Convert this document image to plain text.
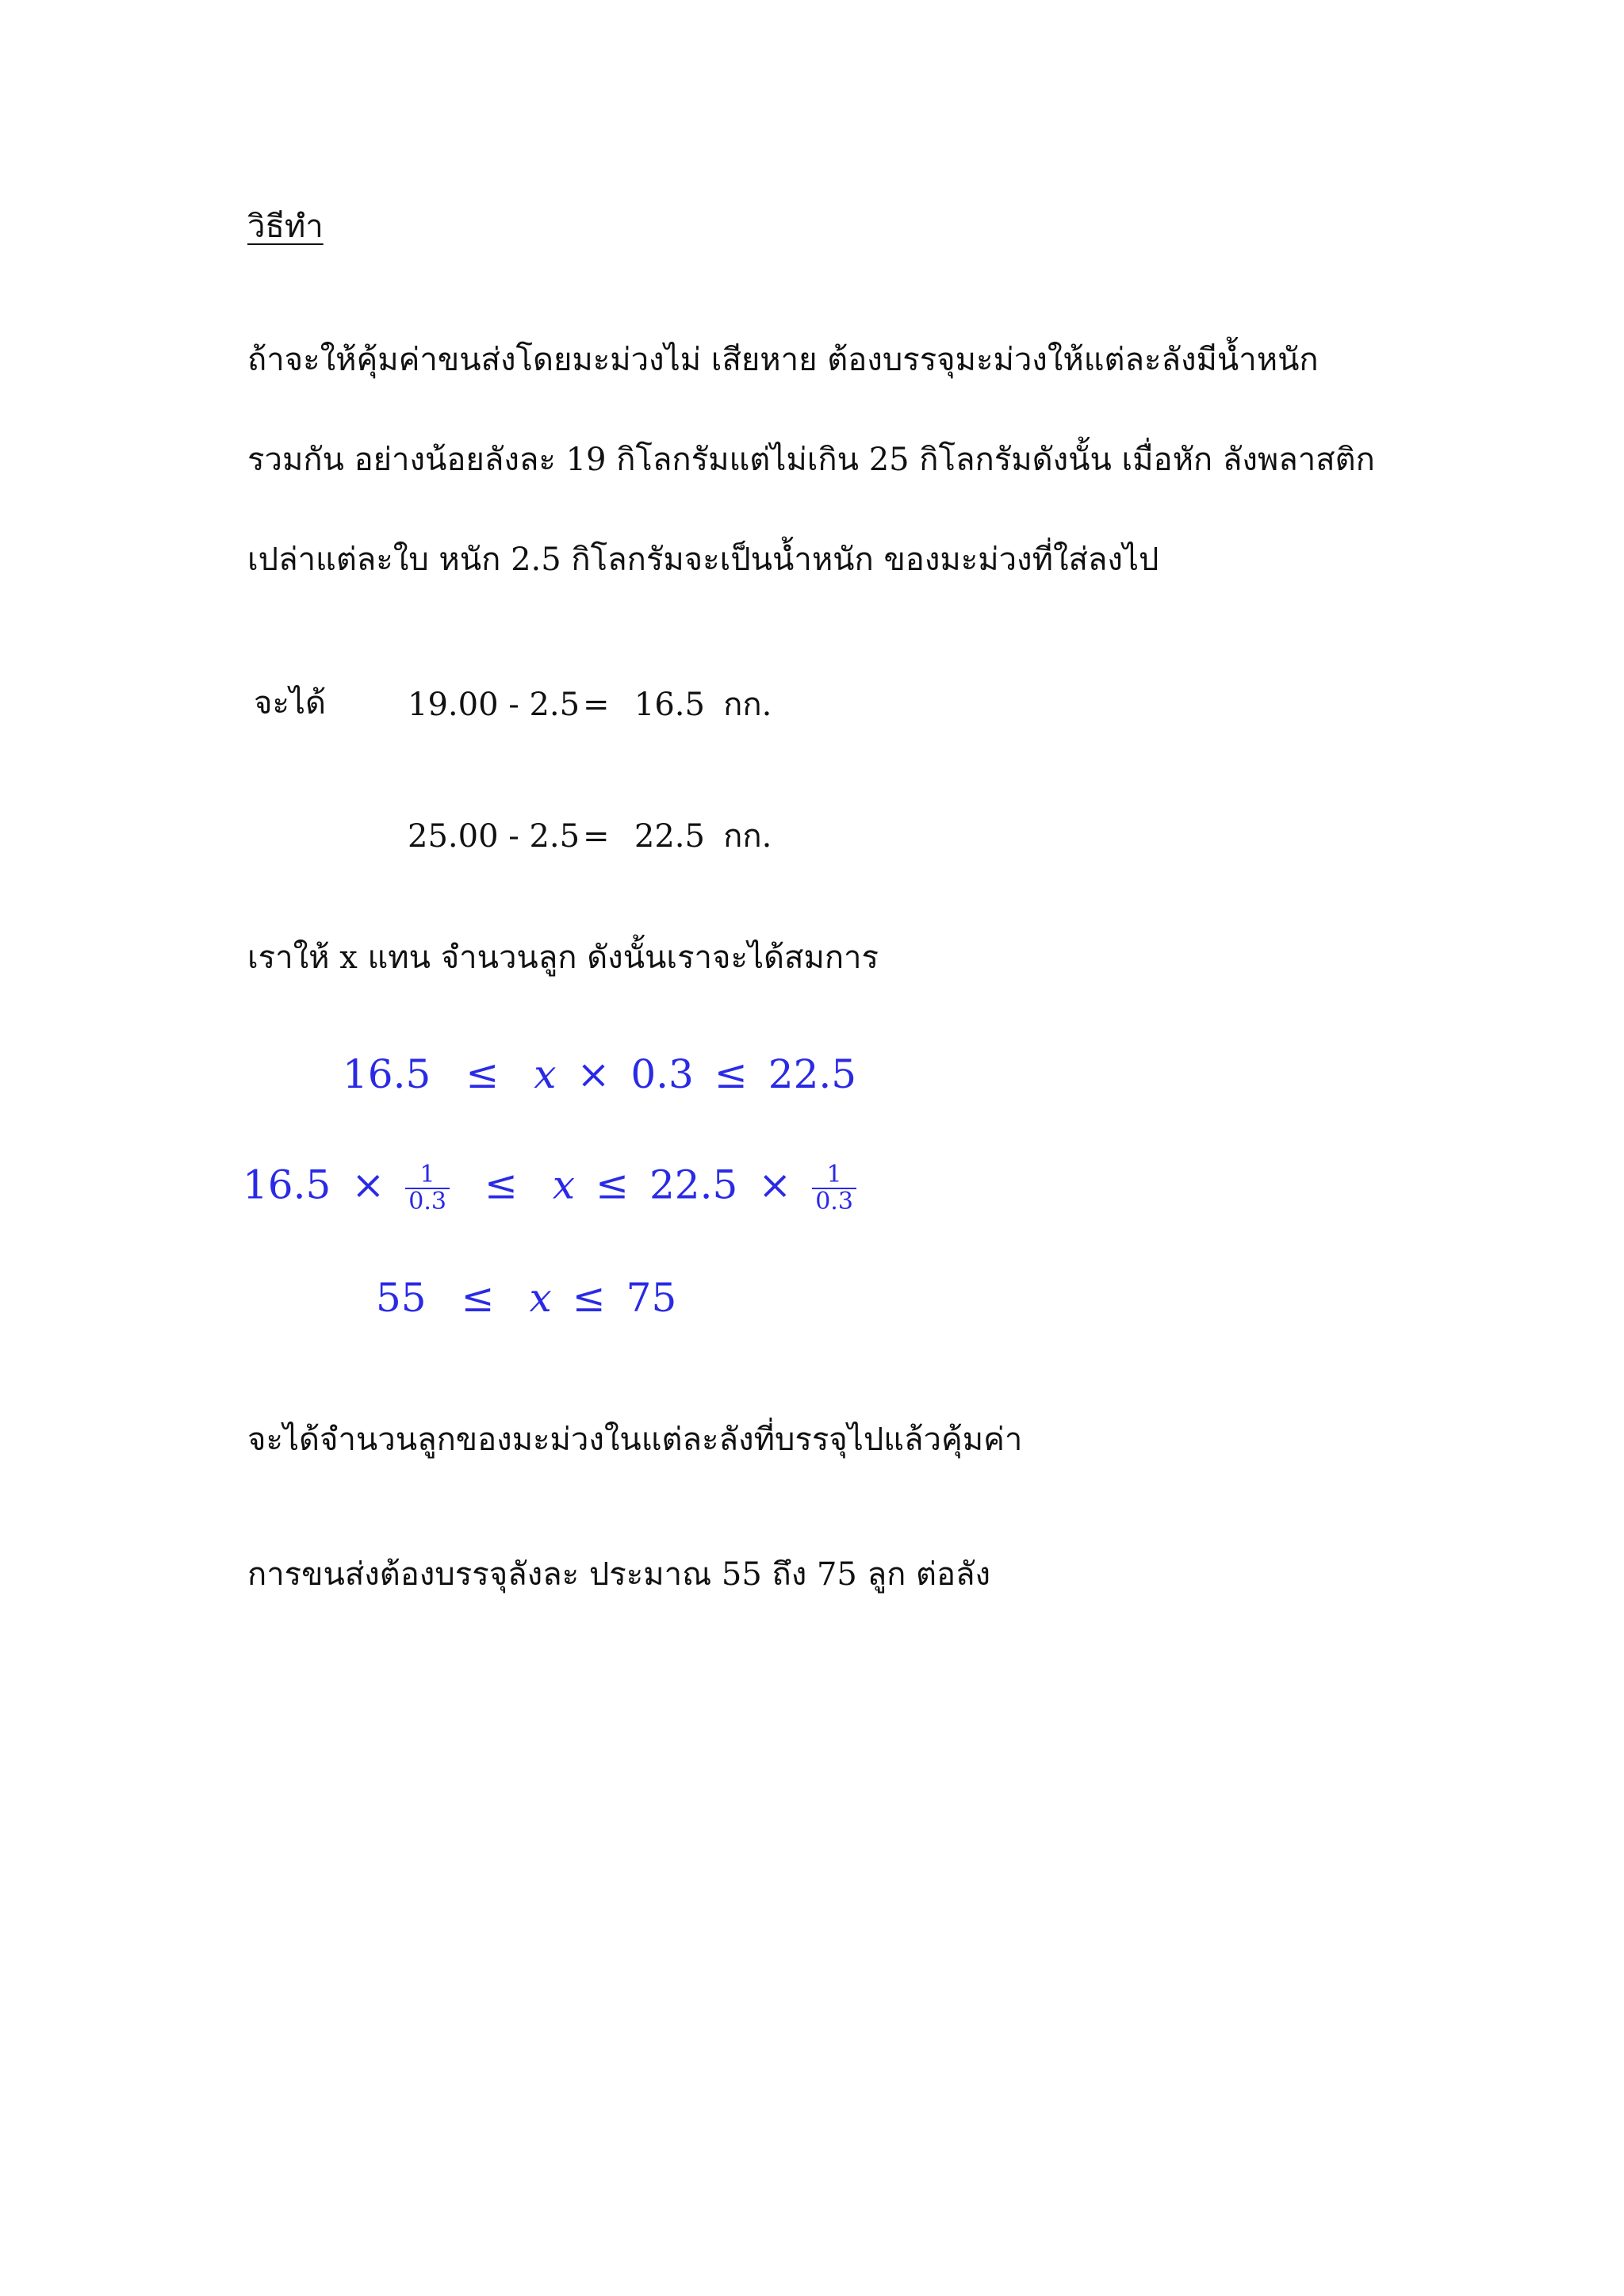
วิธีทำ
ถ้าจะให้คุ้มค่าขนส่งโดยมะม่วงไม่ เสียหาย ต้องบรรจุมะม่วงให้แต่ละลังมีน้ำหนัก
รวมกัน อย่างน้อยลังละ 19 กิโลกรัมแต่ไม่เกิน 25 กิโลกรัมดังนั้น เมื่อหัก ลังพลาสติก
เปล่าแต่ละใบ หนัก 2.5 กิโลกรัมจะเป็นน้ำหนัก ของมะม่วงที่ใส่ลงไป
จะได้	19.00 - 2.5 = 16.5 กก.
25.00 - 2.5 = 22.5 กก.
เราให้ x แทน จำนวนลูก ดังนั้นเราจะได้สมการ
16.5 ≤ x × 0.3 ≤ 22.5
$16.5 \times \frac{1}{0.3} \le x \le 22.5 \times \frac{1}{0.3}$
55 ≤ x ≤ 75
จะได้จำนวนลูกของมะม่วงในแต่ละลังที่บรรจุไปแล้วคุ้มค่า
การขนส่งต้องบรรจุลังละ ประมาณ 55 ถึง 75 ลูก ต่อลัง
